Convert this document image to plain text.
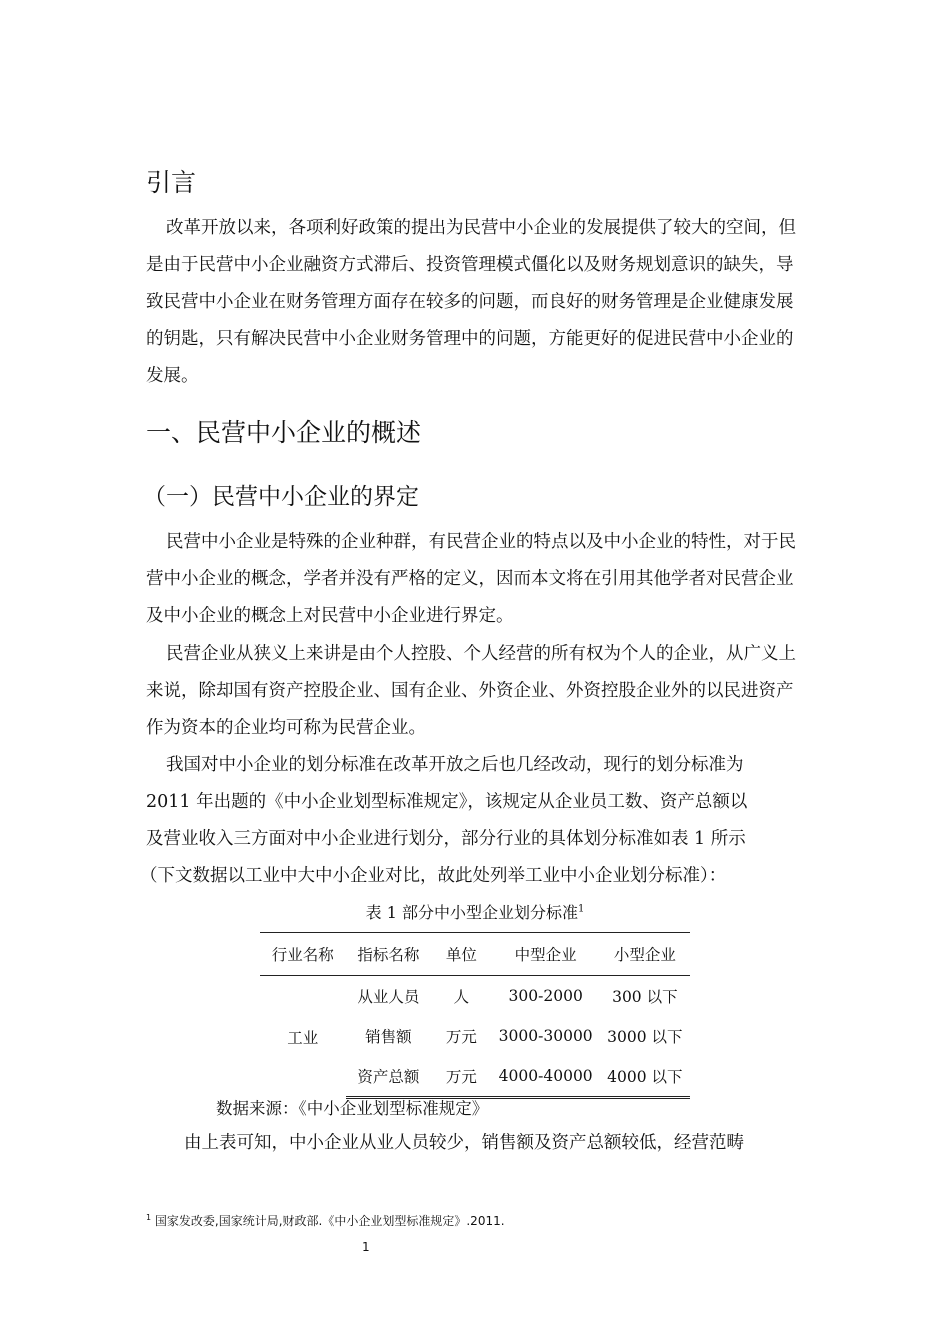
引言

改革开放以来，各项利好政策的提出为民营中小企业的发展提供了较大的空间，但是由于民营中小企业融资方式滞后、投资管理模式僵化以及财务规划意识的缺失，导致民营中小企业在财务管理方面存在较多的问题，而良好的财务管理是企业健康发展的钥匙，只有解决民营中小企业财务管理中的问题，方能更好的促进民营中小企业的发展。

一、民营中小企业的概述
（一）民营中小企业的界定

民营中小企业是特殊的企业种群，有民营企业的特点以及中小企业的特性，对于民营中小企业的概念，学者并没有严格的定义，因而本文将在引用其他学者对民营企业及中小企业的概念上对民营中小企业进行界定。

民营企业从狭义上来讲是由个人控股、个人经营的所有权为个人的企业，从广义上来说，除却国有资产控股企业、国有企业、外资企业、外资控股企业外的以民进资产作为资本的企业均可称为民营企业。

我国对中小企业的划分标准在改革开放之后也几经改动，现行的划分标准为
2011 年出题的《中小企业划型标准规定》，该规定从企业员工数、资产总额以
及营业收入三方面对中小企业进行划分，部分行业的具体划分标准如表 1 所示
（下文数据以工业中大中小企业对比，故此处列举工业中小企业划分标准）：
表 1 部分中小型企业划分标准$^1$
行业名称	指标名称	单位	中型企业	小型企业
工业	从业人员	人	300-2000	300 以下
	销售额	万元	3000-30000	3000 以下
	资产总额	万元	4000-40000	4000 以下
数据来源：《中小企业划型标准规定》
由上表可知，中小企业从业人员较少，销售额及资产总额较低，经营范畴
$^1$ 国家发改委,国家统计局,财政部.《中小企业划型标准规定》.2011.
1
